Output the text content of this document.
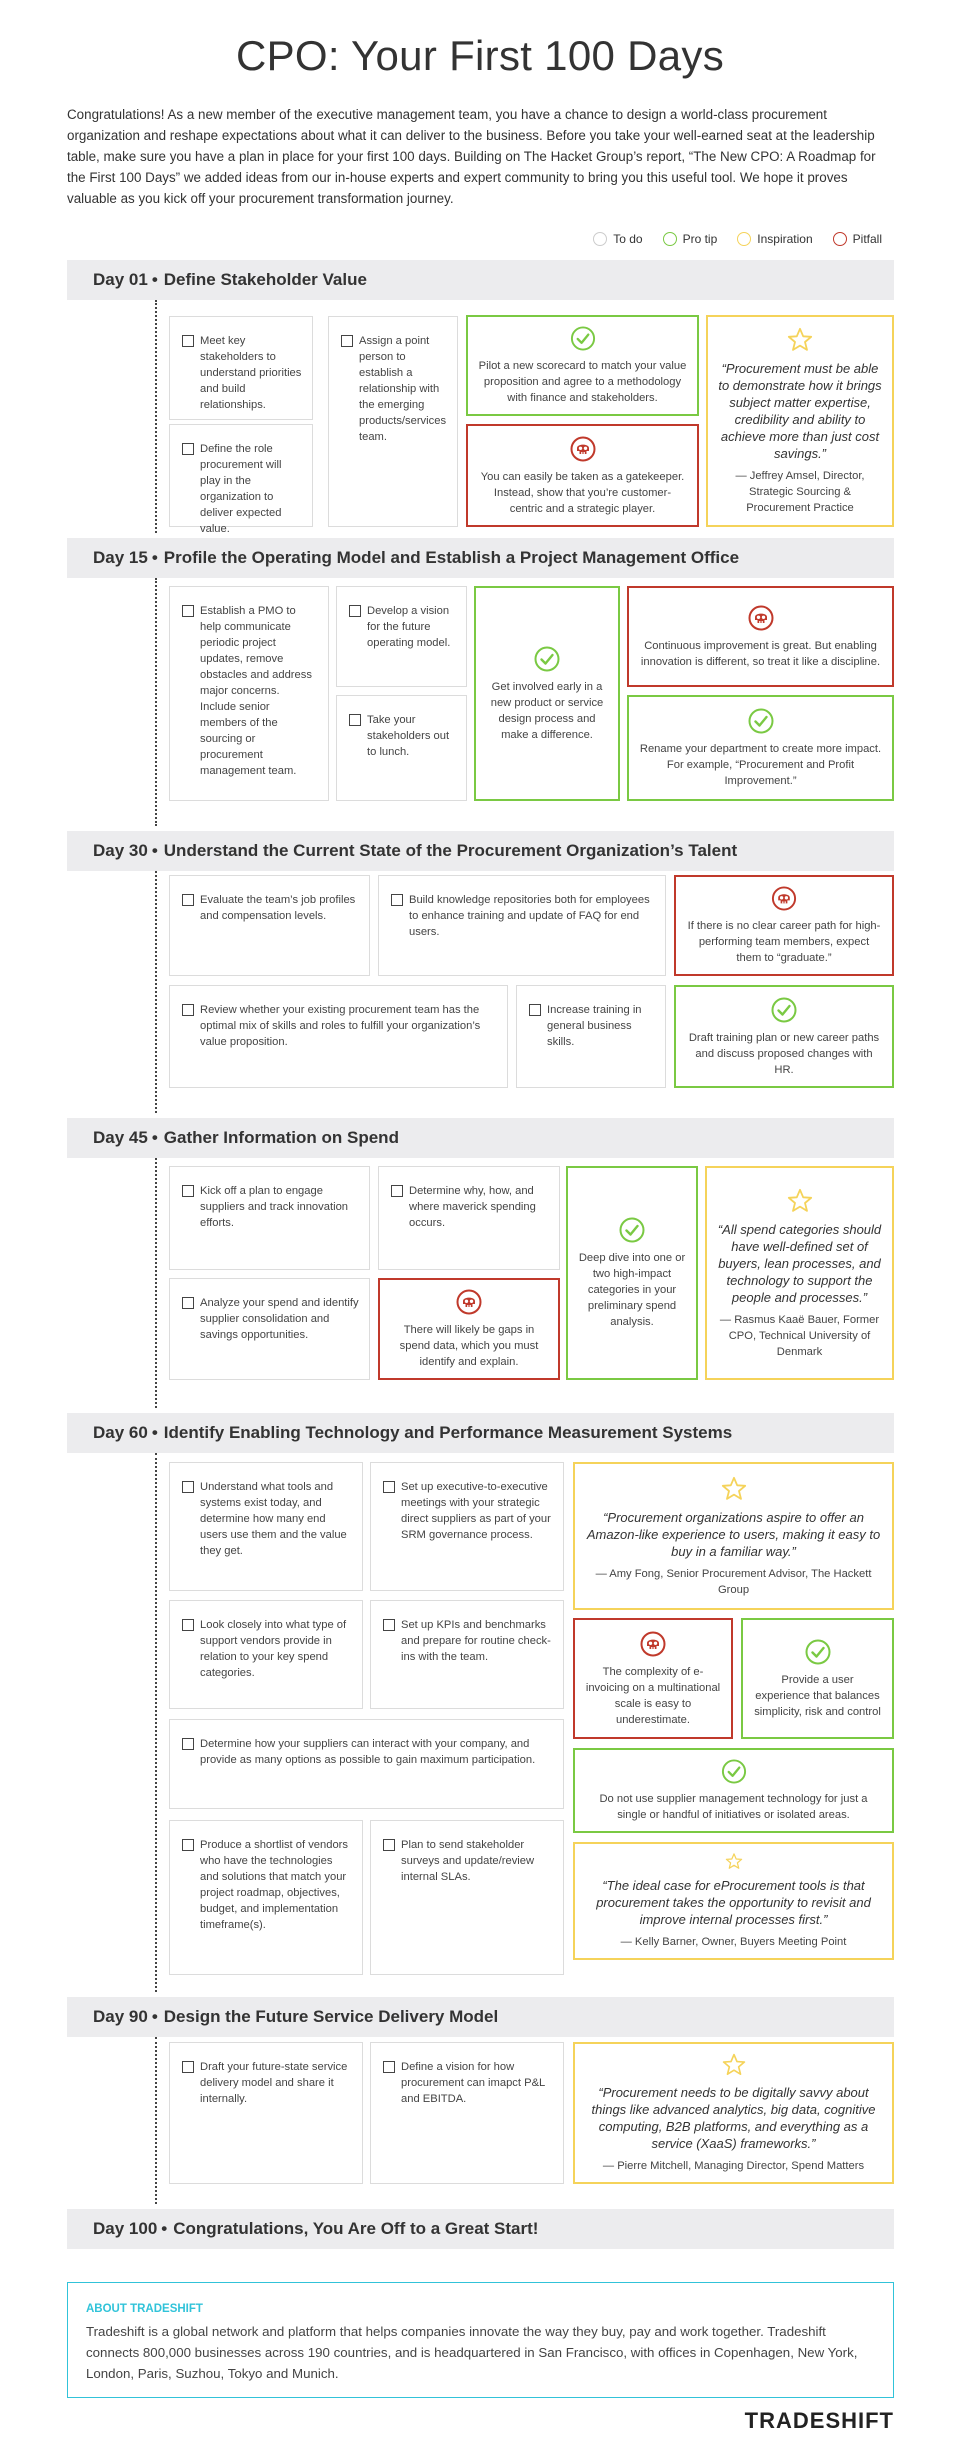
CPO: Your First 100 Days

Congratulations! As a new member of the executive management team, you have a chance to design a world-class procurement organization and reshape expectations about what it can deliver to the business. Before you take your well-earned seat at the leadership table, make sure you have a plan in place for your first 100 days. Building on The Hacket Group’s report, “The New CPO: A Roadmap for the First 100 Days” we added ideas from our in-house experts and expert community to bring you this useful tool. We hope it proves valuable as you kick off your procurement transformation journey.

To do	Pro tip	Inspiration	Pitfall
Day 01 • Define Stakeholder Value
Meet key stakeholders to understand priorities and build relationships.
Define the role procurement will play in the organization to deliver expected value.
Assign a point person to establish a relationship with the emerging products/services team.
Pilot a new scorecard to match your value proposition and agree to a methodology with finance and stakeholders.
You can easily be taken as a gatekeeper. Instead, show that you’re customer-centric and a strategic player.
“Procurement must be able to demonstrate how it brings subject matter expertise, credibility and ability to achieve more than just cost savings.”
— Jeffrey Amsel, Director, Strategic Sourcing & Procurement Practice
Day 15 • Profile the Operating Model and Establish a Project Management Office
Establish a PMO to help communicate periodic project updates, remove obstacles and address major concerns. Include senior members of the sourcing or procurement management team.
Develop a vision for the future operating model.
Take your stakeholders out to lunch.
Get involved early in a new product or service design process and make a difference.
Continuous improvement is great. But enabling innovation is different, so treat it like a discipline.
Rename your department to create more impact. For example, “Procurement and Profit Improvement.”
Day 30 • Understand the Current State of the Procurement Organization’s Talent
Evaluate the team’s job profiles and compensation levels.
Build knowledge repositories both for employees to enhance training and update of FAQ for end users.	If there is no clear career path for high-performing team members, expect them to “graduate.”
Review whether your existing procurement team has the optimal mix of skills and roles to fulfill your organization’s value proposition.
Increase training in general business skills.	Draft training plan or new career paths and discuss proposed changes with HR.
Day 45 • Gather Information on Spend
Kick off a plan to engage suppliers and track innovation efforts.
Analyze your spend and identify supplier consolidation and savings opportunities.
Determine why, how, and where maverick spending occurs.
There will likely be gaps in spend data, which you must identify and explain.
Deep dive into one or two high-impact categories in your preliminary spend analysis.
“All spend categories should have well-defined set of buyers, lean processes, and technology to support the people and processes.”
— Rasmus Kaaë Bauer, Former CPO, Technical University of Denmark
Day 60 • Identify Enabling Technology and Performance Measurement Systems
Understand what tools and systems exist today, and determine how many end users use them and the value they get.
Set up executive-to-executive meetings with your strategic direct suppliers as part of your SRM governance process.
“Procurement organizations aspire to offer an Amazon-like experience to users, making it easy to buy in a familiar way.”
— Amy Fong, Senior Procurement Advisor, The Hackett Group
Look closely into what type of support vendors provide in relation to your key spend categories.
Set up KPIs and benchmarks and prepare for routine check-ins with the team.
The complexity of e-invoicing on a multinational scale is easy to underestimate.
Provide a user experience that balances simplicity, risk and control
Determine how your suppliers can interact with your company, and provide as many options as possible to gain maximum participation.
Do not use supplier management technology for just a single or handful of initiatives or isolated areas.
Produce a shortlist of vendors who have the technologies and solutions that match your project roadmap, objectives, budget, and implementation timeframe(s).
Plan to send stakeholder surveys and update/review internal SLAs.
“The ideal case for eProcurement tools is that procurement takes the opportunity to revisit and improve internal processes first.”
— Kelly Barner, Owner, Buyers Meeting Point
Day 90 • Design the Future Service Delivery Model
Draft your future-state service delivery model and share it internally.
Define a vision for how procurement can imapct P&L and EBITDA.	“Procurement needs to be digitally savvy about things like advanced analytics, big data, cognitive computing, B2B platforms, and everything as a service (XaaS) frameworks.”
— Pierre Mitchell, Managing Director, Spend Matters
Day 100 • Congratulations, You Are Off to a Great Start!
ABOUT TRADESHIFT
Tradeshift is a global network and platform that helps companies innovate the way they buy, pay and work together. Tradeshift connects 800,000 businesses across 190 countries, and is headquartered in San Francisco, with offices in Copenhagen, New York, London, Paris, Suzhou, Tokyo and Munich.
TRADESHIFT
